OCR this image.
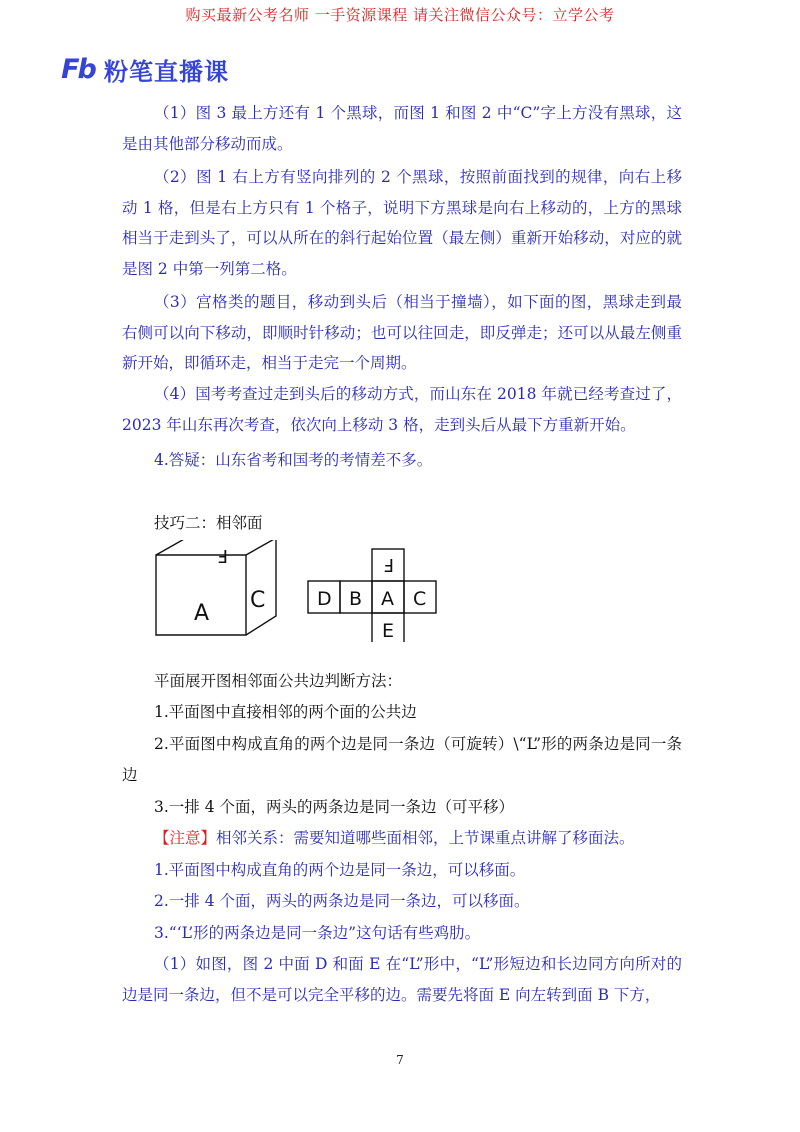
购买最新公考名师 一手资源课程 请关注微信公众号：立学公考
Fb 粉笔直播课
（1）图 3 最上方还有 1 个黑球，而图 1 和图 2 中“C”字上方没有黑球，这是由其他部分移动而成。
（2）图 1 右上方有竖向排列的 2 个黑球，按照前面找到的规律，向右上移动 1 格，但是右上方只有 1 个格子，说明下方黑球是向右上移动的，上方的黑球相当于走到头了，可以从所在的斜行起始位置（最左侧）重新开始移动，对应的就是图 2 中第一列第二格。
（3）宫格类的题目，移动到头后（相当于撞墙），如下面的图，黑球走到最右侧可以向下移动，即顺时针移动；也可以往回走，即反弹走；还可以从最左侧重新开始，即循环走，相当于走完一个周期。
（4）国考考查过走到头后的移动方式，而山东在 2018 年就已经考查过了，2023 年山东再次考查，依次向上移动 3 格，走到头后从最下方重新开始。
4.答疑：山东省考和国考的考情差不多。
技巧二：相邻面
A
C
F	F
D B A C
E
平面展开图相邻面公共边判断方法：
1.平面图中直接相邻的两个面的公共边
2.平面图中构成直角的两个边是同一条边（可旋转）\“L”形的两条边是同一条边
3.一排 4 个面，两头的两条边是同一条边（可平移）
【注意】相邻关系：需要知道哪些面相邻，上节课重点讲解了移面法。
1.平面图中构成直角的两个边是同一条边，可以移面。
2.一排 4 个面，两头的两条边是同一条边，可以移面。
3.“‘L’形的两条边是同一条边”这句话有些鸡肋。
（1）如图，图 2 中面 D 和面 E 在“L”形中，“L”形短边和长边同方向所对的边是同一条边，但不是可以完全平移的边。需要先将面 E 向左转到面 B 下方，
7
